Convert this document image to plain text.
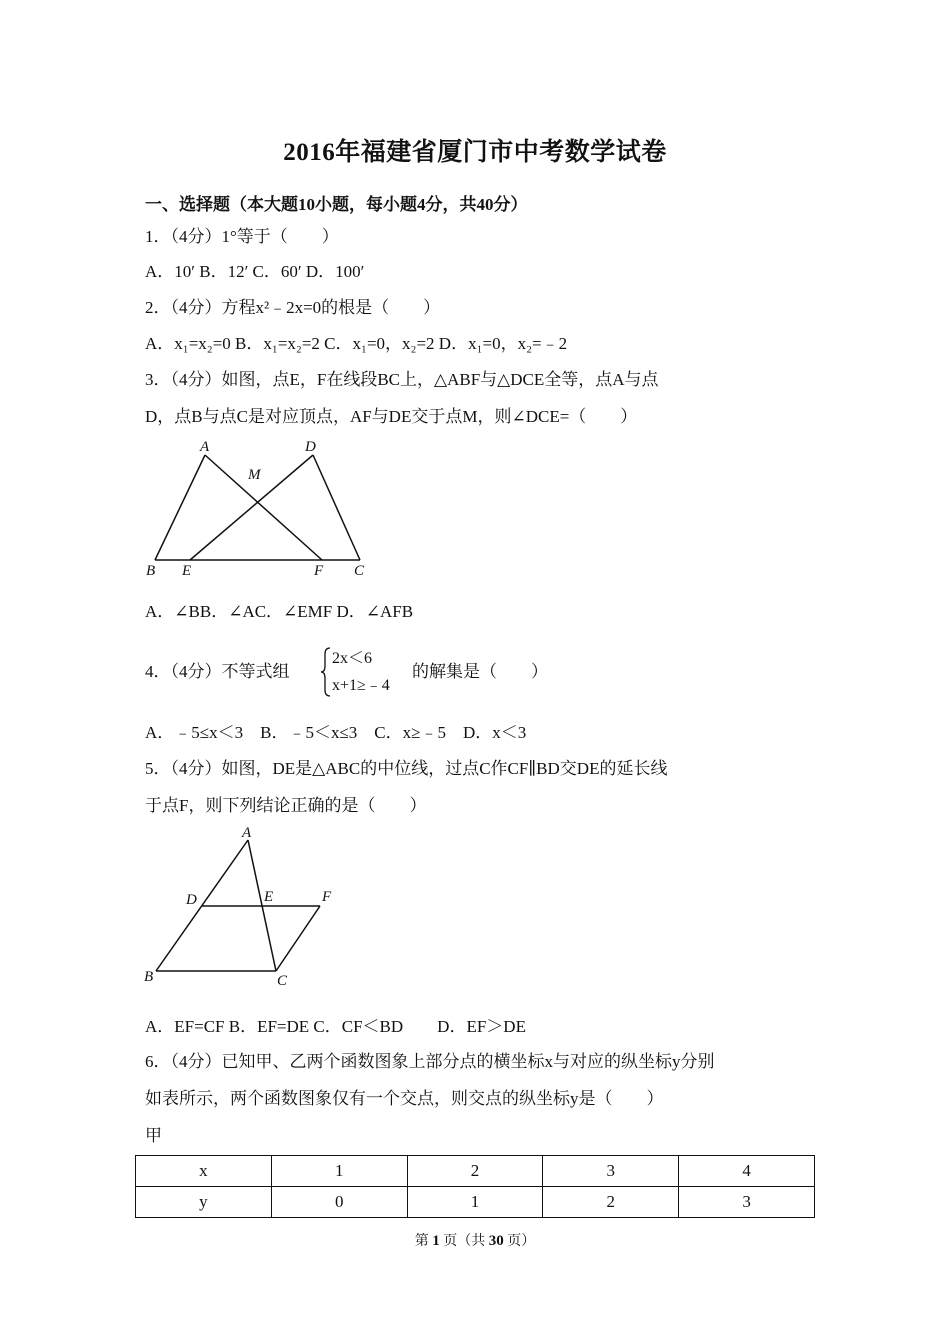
2016年福建省厦门市中考数学试卷
一、选择题（本大题10小题，每小题4分，共40分）
1．（4分）1°等于（　　）
A．10′ B．12′ C．60′ D．100′
2．（4分）方程x²﹣2x=0的根是（　　）
A．x₁=x₂=0 B．x₁=x₂=2 C．x₁=0，x₂=2 D．x₁=0，x₂=﹣2
3．（4分）如图，点E，F在线段BC上，△ABF与△DCE全等，点A与点
D，点B与点C是对应顶点，AF与DE交于点M，则∠DCE=（　　）
A	D
M
B E	F C
A．∠BB．∠AC．∠EMF D．∠AFB
4．（4分）不等式组
2x＜6
x+1≥﹣4
的解集是（　　）
A．﹣5≤x＜3　B．﹣5＜x≤3　C．x≥﹣5　D．x＜3
5．（4分）如图，DE是△ABC的中位线，过点C作CF∥BD交DE的延长线
于点F，则下列结论正确的是（　　）
A
D	E	F
B	C
A．EF=CF B．EF=DE C．CF＜BD　　D．EF＞DE
6．（4分）已知甲、乙两个函数图象上部分点的横坐标x与对应的纵坐标y分别
如表所示，两个函数图象仅有一个交点，则交点的纵坐标y是（　　）
甲
x	1	2	3	4
y	0	1	2	3
第 1 页（共 30 页）
